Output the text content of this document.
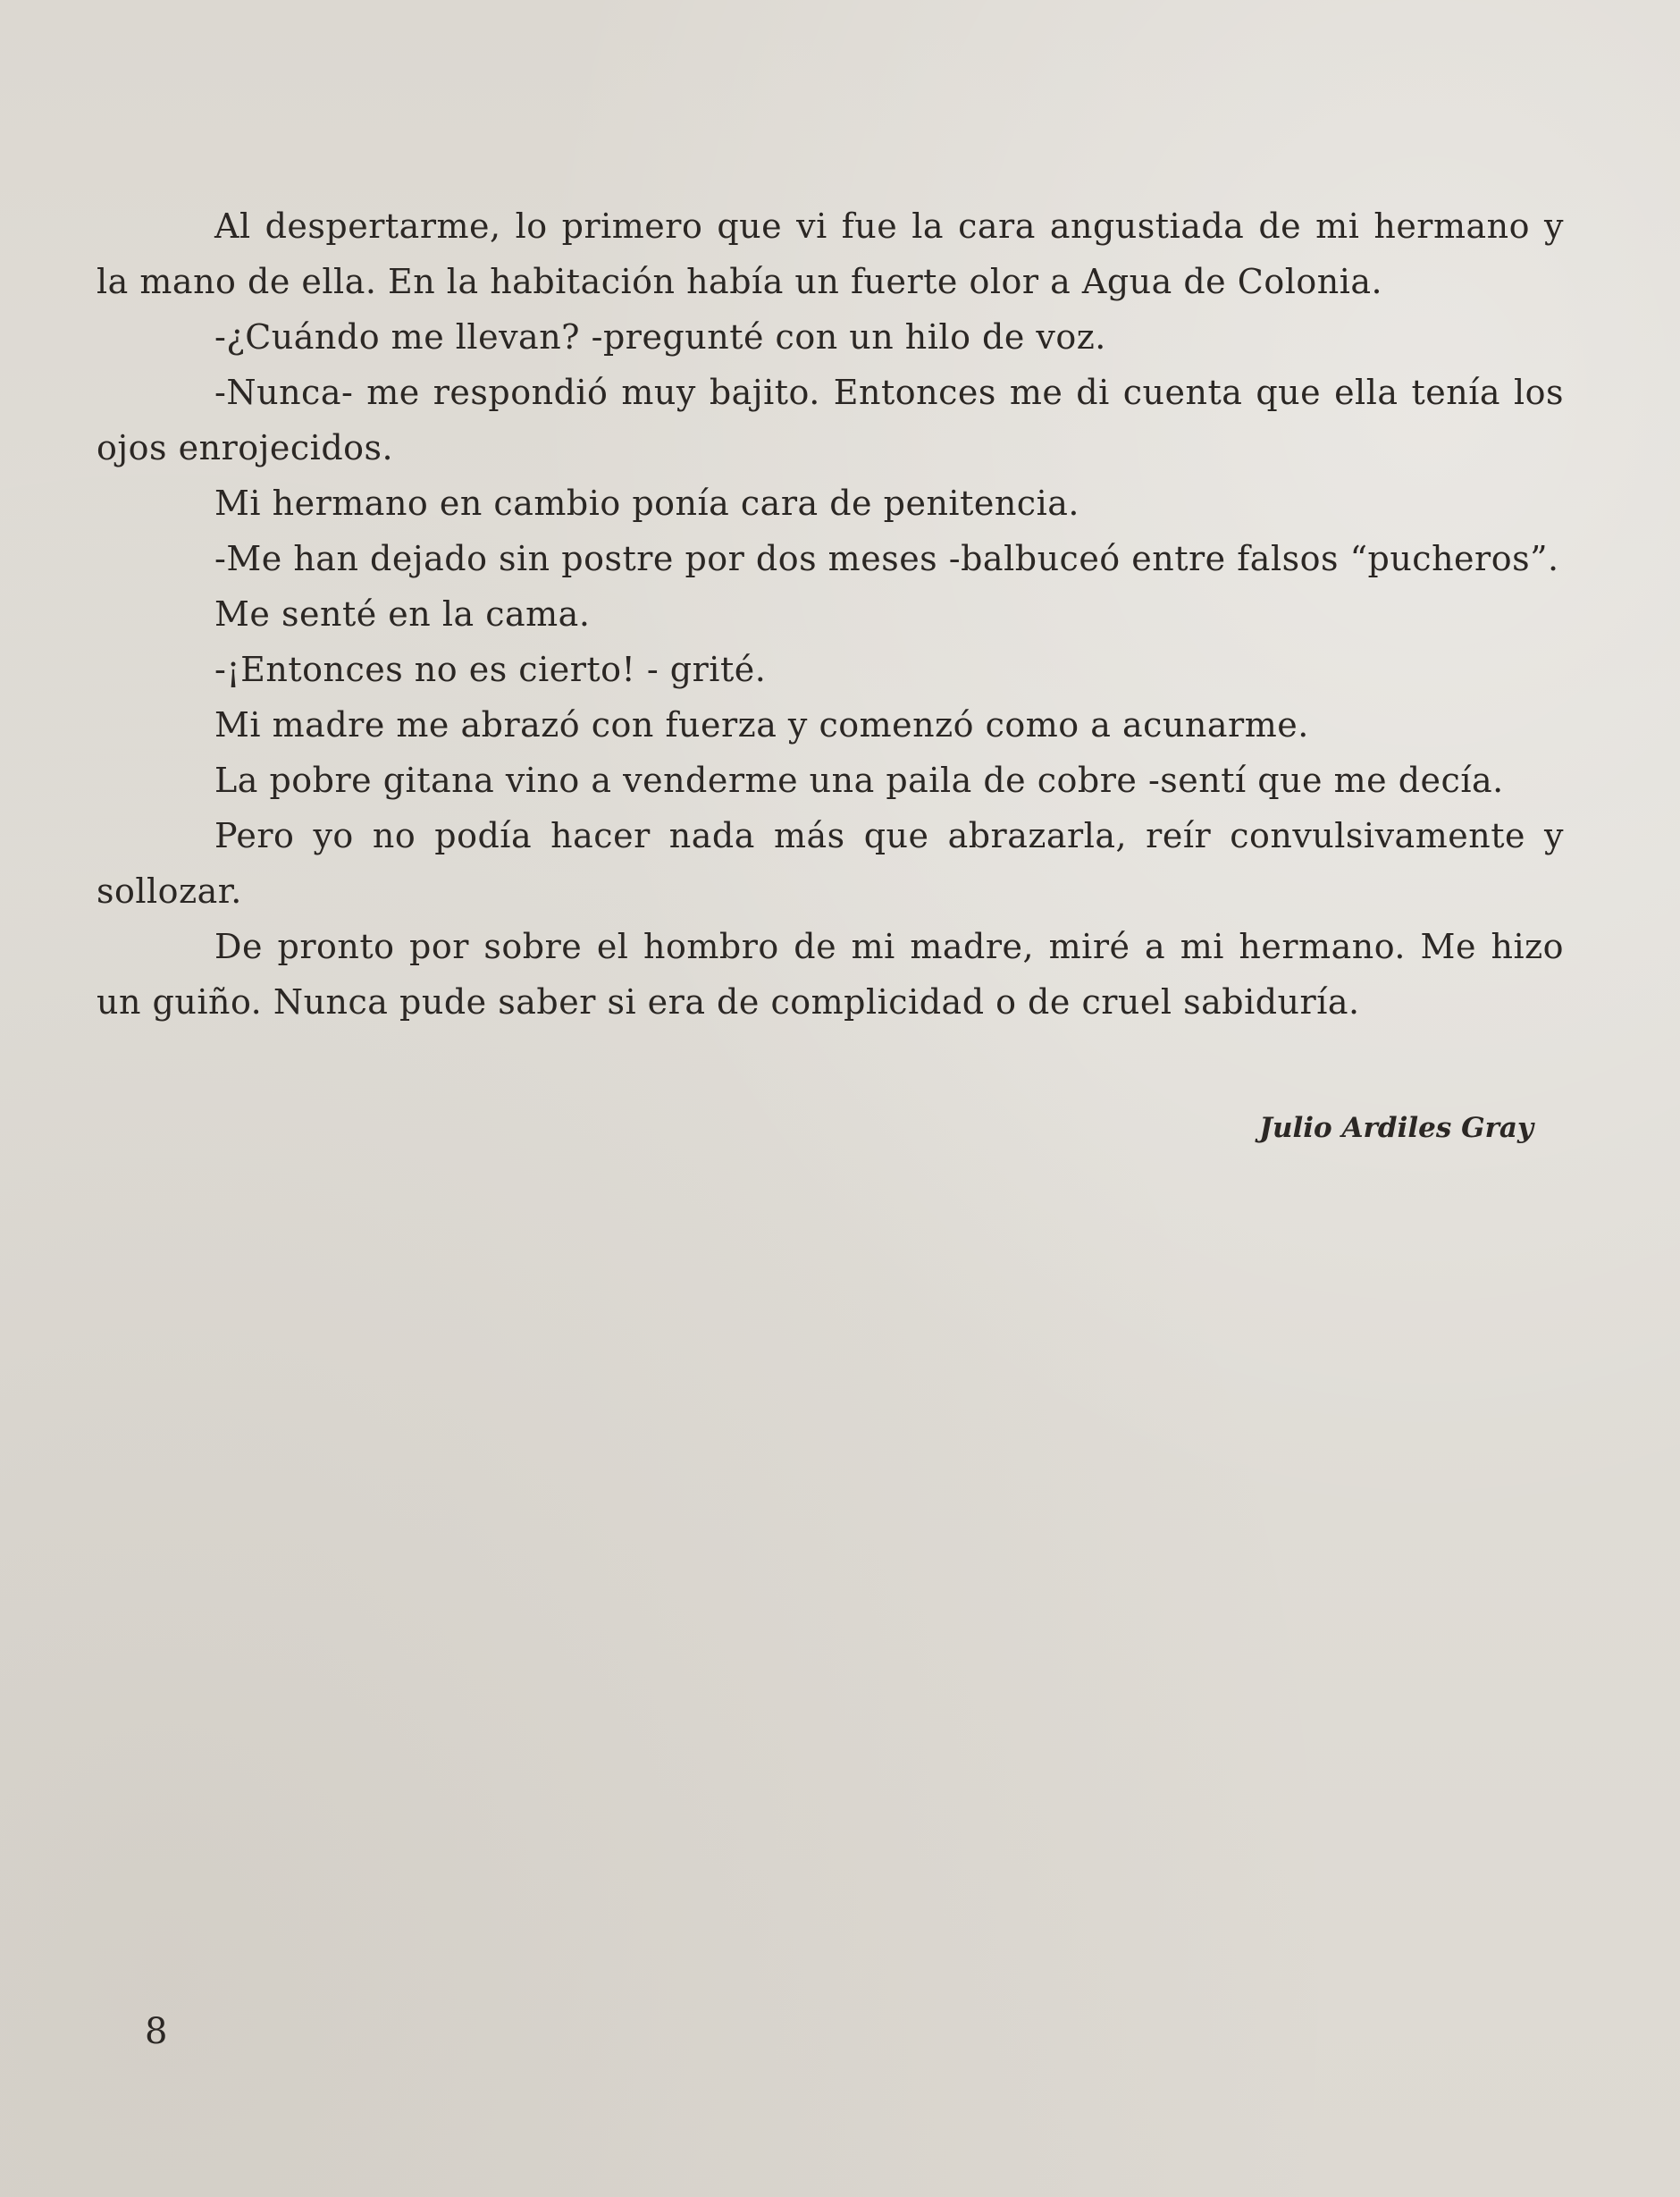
Al despertarme, lo primero que vi fue la cara angustiada de mi hermano y la mano de ella. En la habitación había un fuerte olor a Agua de Colonia.

-¿Cuándo me llevan? -pregunté con un hilo de voz.

-Nunca- me respondió muy bajito. Entonces me di cuenta que ella tenía los ojos enrojecidos.

Mi hermano en cambio ponía cara de penitencia.

-Me han dejado sin postre por dos meses -balbuceó entre falsos “pucheros”.

Me senté en la cama.

-¡Entonces no es cierto! - grité.

Mi madre me abrazó con fuerza y comenzó como a acunarme.

La pobre gitana vino a venderme una paila de cobre -sentí que me decía.

Pero yo no podía hacer nada más que abrazarla, reír convulsivamente y sollozar.

De pronto por sobre el hombro de mi madre, miré a mi hermano. Me hizo un guiño. Nunca pude saber si era de complicidad o de cruel sabiduría.

Julio Ardiles Gray
8
